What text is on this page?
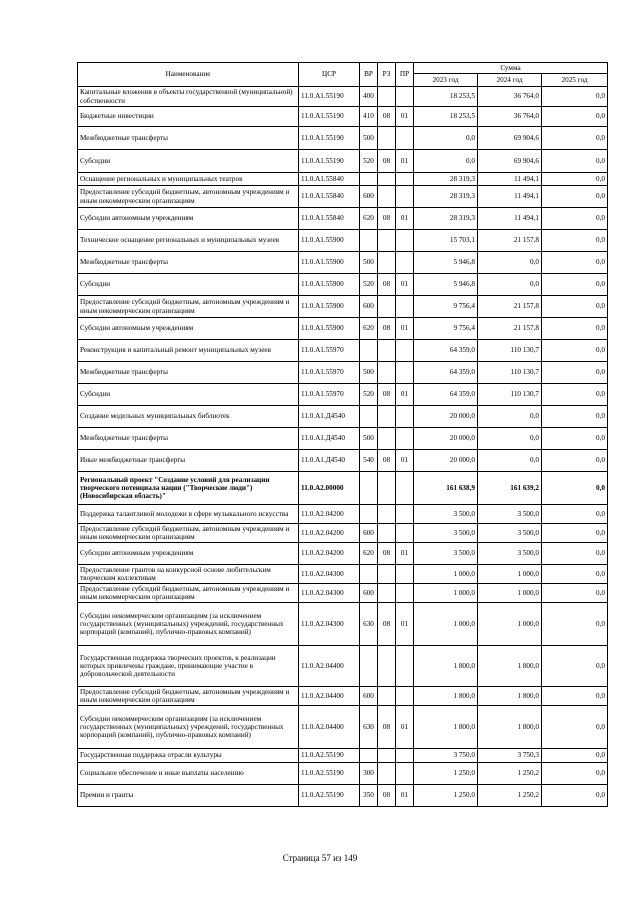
Наименование	ЦСР	ВР	РЗ	ПР	Сумма		
					2023 год	2024 год	2025 год
Капитальные вложения в объекты государственной (муниципальной) собственности	11.0.A1.55190	400			18 253,5	36 764,0	0,0
Бюджетные инвестиции	11.0.A1.55190	410	08	01	18 253,5	36 764,0	0,0
Межбюджетные трансферты	11.0.A1.55190	500			0,0	69 904,6	0,0
Субсидии	11.0.A1.55190	520	08	01	0,0	69 904,6	0,0
Оснащение региональных и муниципальных театров	11.0.A1.55840				28 319,3	11 494,1	0,0
Предоставление субсидий бюджетным, автономным учреждениям и иным некоммерческим организациям	11.0.A1.55840	600			28 319,3	11 494,1	0,0
Субсидии автономным учреждениям	11.0.A1.55840	620	08	01	28 319,3	11 494,1	0,0
Техническое оснащение региональных и муниципальных музеев	11.0.A1.55900				15 703,1	21 157,8	0,0
Межбюджетные трансферты	11.0.A1.55900	500			5 946,8	0,0	0,0
Субсидии	11.0.A1.55900	520	08	01	5 946,8	0,0	0,0
Предоставление субсидий бюджетным, автономным учреждениям и иным некоммерческим организациям	11.0.A1.55900	600			9 756,4	21 157,8	0,0
Субсидии автономным учреждениям	11.0.A1.55900	620	08	01	9 756,4	21 157,8	0,0
Реконструкция и капитальный ремонт муниципальных музеев	11.0.A1.55970				64 359,0	110 130,7	0,0
Межбюджетные трансферты	11.0.A1.55970	500			64 359,0	110 130,7	0,0
Субсидии	11.0.A1.55970	520	08	01	64 359,0	110 130,7	0,0
Создание модельных муниципальных библиотек	11.0.A1.Д4540				20 000,0	0,0	0,0
Межбюджетные трансферты	11.0.A1.Д4540	500			20 000,0	0,0	0,0
Иные межбюджетные трансферты	11.0.A1.Д4540	540	08	01	20 000,0	0,0	0,0
Региональный проект "Создание условий для реализации творческого потенциала нации ("Творческие люди") (Новосибирская область)"	11.0.A2.00000				161 638,9	161 639,2	0,0
Поддержка талантливой молодежи в сфере музыкального искусства	11.0.A2.04200				3 500,0	3 500,0	0,0
Предоставление субсидий бюджетным, автономным учреждениям и иным некоммерческим организациям	11.0.A2.04200	600			3 500,0	3 500,0	0,0
Субсидии автономным учреждениям	11.0.A2.04200	620	08	01	3 500,0	3 500,0	0,0
Предоставление грантов на конкурсной основе любительским творческим коллективам	11.0.A2.04300				1 000,0	1 000,0	0,0
Предоставление субсидий бюджетным, автономным учреждениям и иным некоммерческим организациям	11.0.A2.04300	600			1 000,0	1 000,0	0,0
Субсидии некоммерческим организациям (за исключением государственных (муниципальных) учреждений, государственных корпораций (компаний), публично-правовых компаний)	11.0.A2.04300	630	08	01	1 000,0	1 000,0	0,0
Государственная поддержка творческих проектов, к реализации которых привлечены граждане, принимающие участие в добровольческой деятельности	11.0.A2.04400				1 800,0	1 800,0	0,0
Предоставление субсидий бюджетным, автономным учреждениям и иным некоммерческим организациям	11.0.A2.04400	600			1 800,0	1 800,0	0,0
Субсидии некоммерческим организациям (за исключением государственных (муниципальных) учреждений, государственных корпораций (компаний), публично-правовых компаний)	11.0.A2.04400	630	08	01	1 800,0	1 800,0	0,0
Государственная поддержка отрасли культуры	11.0.A2.55190				3 750,0	3 750,3	0,0
Социальное обеспечение и иные выплаты населению	11.0.A2.55190	300			1 250,0	1 250,2	0,0
Премии и гранты	11.0.A2.55190	350	08	01	1 250,0	1 250,2	0,0
Страница 57 из 149
